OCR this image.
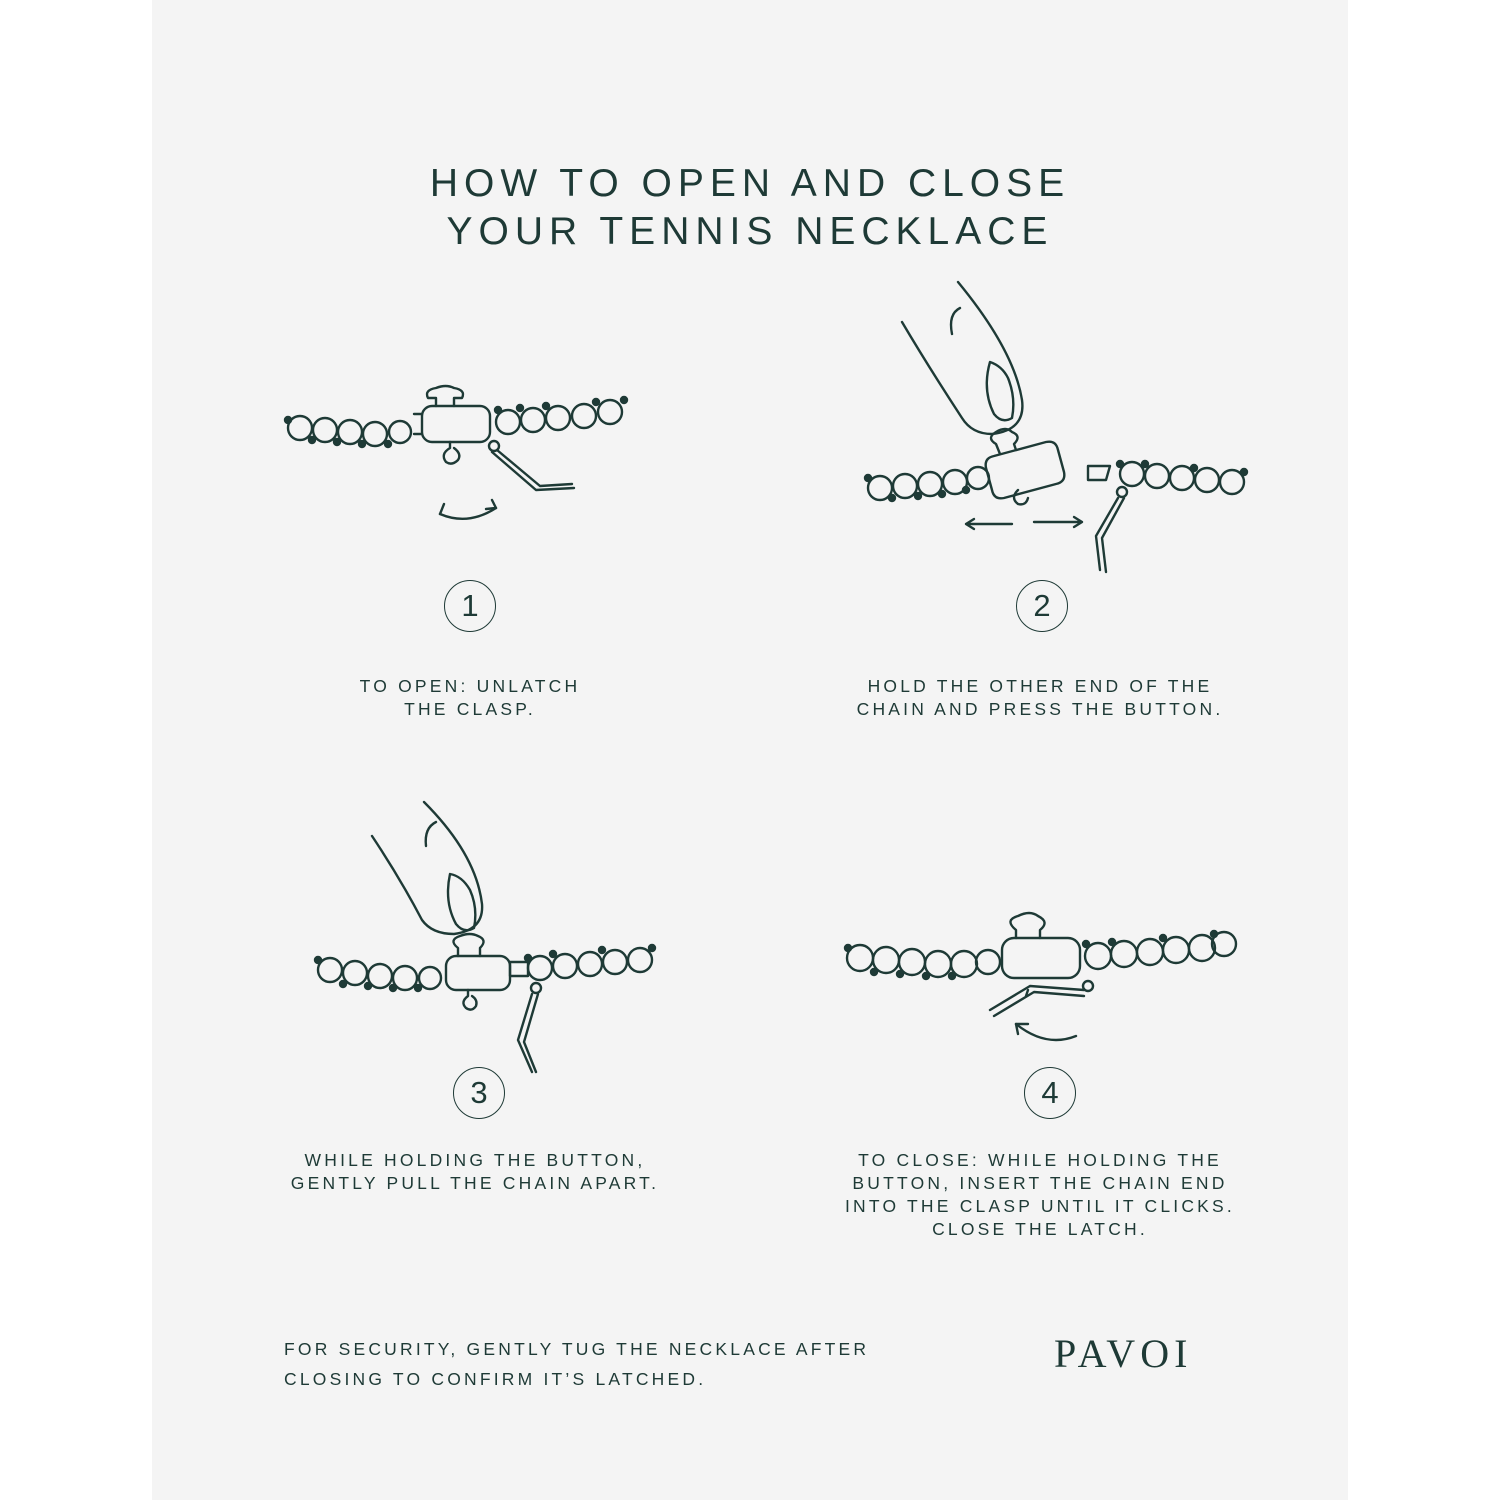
HOW TO OPEN AND CLOSE
YOUR TENNIS NECKLACE
1	2
3	4
TO OPEN: UNLATCH
THE CLASP.
HOLD THE OTHER END OF THE
CHAIN AND PRESS THE BUTTON.
WHILE HOLDING THE BUTTON,
GENTLY PULL THE CHAIN APART.
TO CLOSE: WHILE HOLDING THE
BUTTON, INSERT THE CHAIN END
INTO THE CLASP UNTIL IT CLICKS.
CLOSE THE LATCH.
FOR SECURITY, GENTLY TUG THE NECKLACE AFTER
CLOSING TO CONFIRM IT’S LATCHED.
PAVOI
